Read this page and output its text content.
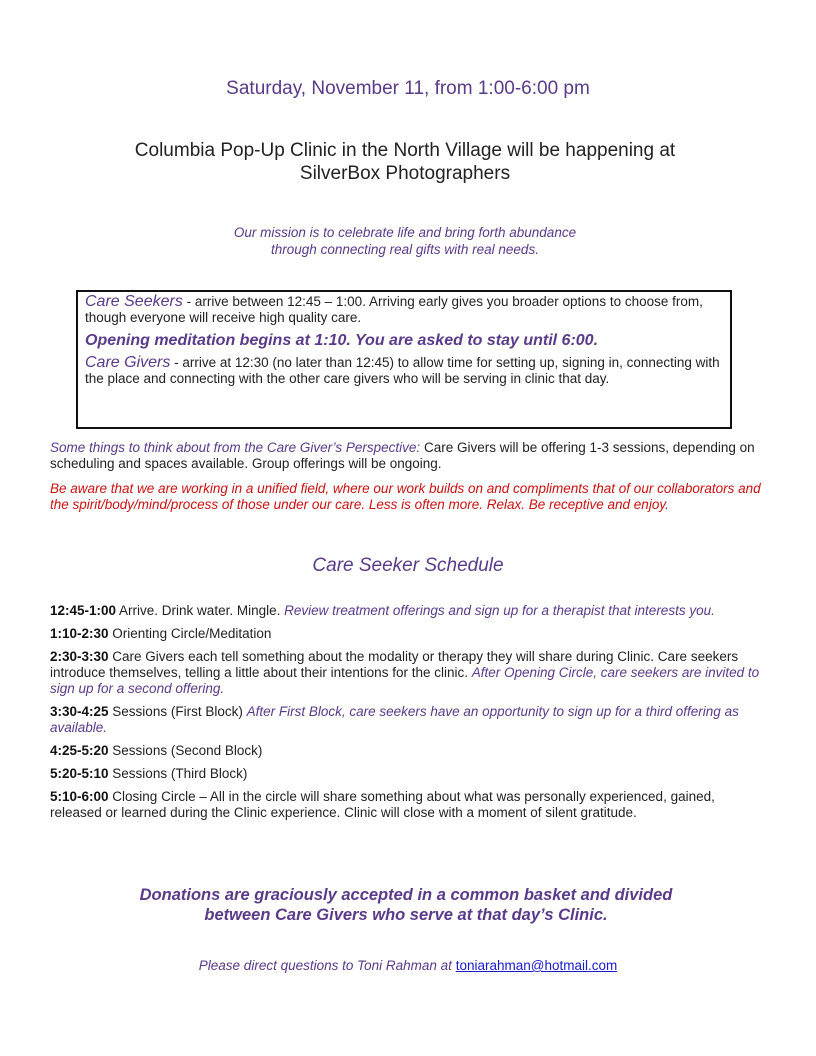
Saturday, November 11, from 1:00-6:00 pm
Columbia Pop-Up Clinic in the North Village will be happening at
SilverBox Photographers
Our mission is to celebrate life and bring forth abundance
through connecting real gifts with real needs.

Care Seekers - arrive between 12:45 – 1:00. Arriving early gives you broader options to choose from, though everyone will receive high quality care.

Opening meditation begins at 1:10. You are asked to stay until 6:00.

Care Givers - arrive at 12:30 (no later than 12:45) to allow time for setting up, signing in, connecting with the place and connecting with the other care givers who will be serving in clinic that day.

Some things to think about from the Care Giver’s Perspective: Care Givers will be offering 1-3 sessions, depending on scheduling and spaces available. Group offerings will be ongoing.
Be aware that we are working in a unified field, where our work builds on and compliments that of our collaborators and the spirit/body/mind/process of those under our care. Less is often more. Relax. Be receptive and enjoy.
Care Seeker Schedule
12:45-1:00 Arrive. Drink water. Mingle. Review treatment offerings and sign up for a therapist that interests you.
1:10-2:30 Orienting Circle/Meditation
2:30-3:30 Care Givers each tell something about the modality or therapy they will share during Clinic. Care seekers introduce themselves, telling a little about their intentions for the clinic. After Opening Circle, care seekers are invited to sign up for a second offering.
3:30-4:25 Sessions (First Block) After First Block, care seekers have an opportunity to sign up for a third offering as available.
4:25-5:20 Sessions (Second Block)
5:20-5:10 Sessions (Third Block)
5:10-6:00 Closing Circle – All in the circle will share something about what was personally experienced, gained, released or learned during the Clinic experience. Clinic will close with a moment of silent gratitude.
Donations are graciously accepted in a common basket and divided
between Care Givers who serve at that day’s Clinic.
Please direct questions to Toni Rahman at toniarahman@hotmail.com
